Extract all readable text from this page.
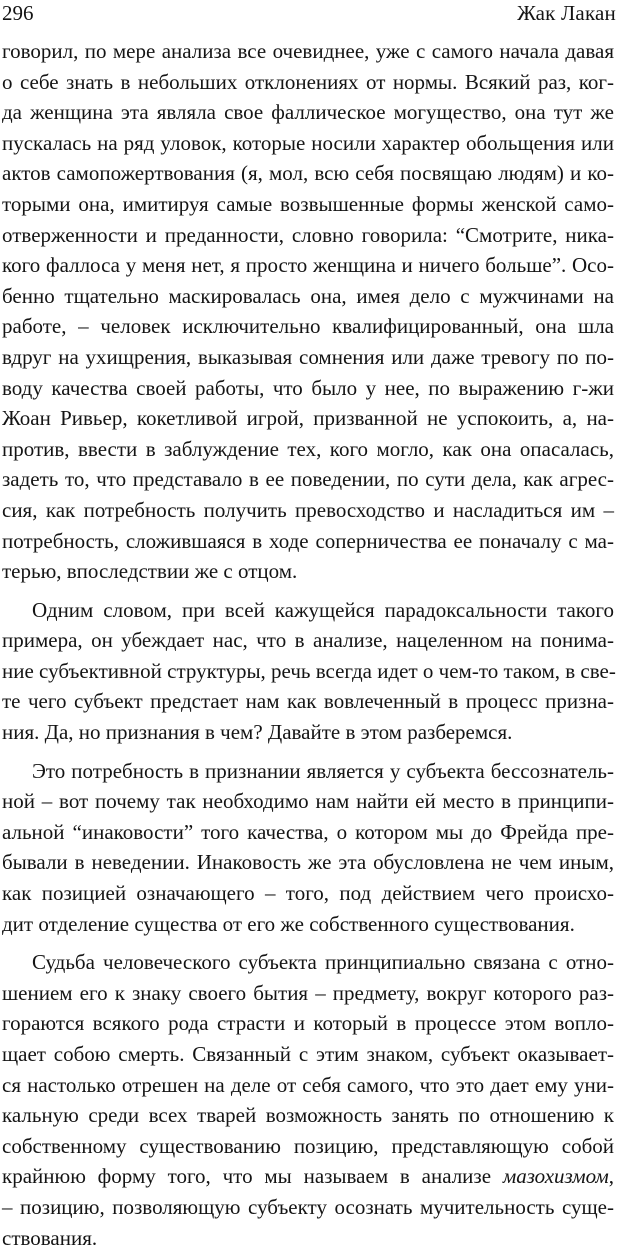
296	Жак Лакан
говорил, по мере анализа все очевиднее, уже с самого начала давая
о себе знать в небольших отклонениях от нормы. Всякий раз, ког-
да женщина эта являла свое фаллическое могущество, она тут же
пускалась на ряд уловок, которые носили характер обольщения или
актов самопожертвования (я, мол, всю себя посвящаю людям) и ко-
торыми она, имитируя самые возвышенные формы женской само-
отверженности и преданности, словно говорила: “Смотрите, ника-
кого фаллоса у меня нет, я просто женщина и ничего больше”. Осо-
бенно тщательно маскировалась она, имея дело с мужчинами на
работе, – человек исключительно квалифицированный, она шла
вдруг на ухищрения, выказывая сомнения или даже тревогу по по-
воду качества своей работы, что было у нее, по выражению г-жи
Жоан Ривьер, кокетливой игрой, призванной не успокоить, а, на-
против, ввести в заблуждение тех, кого могло, как она опасалась,
задеть то, что представало в ее поведении, по сути дела, как агрес-
сия, как потребность получить превосходство и насладиться им –
потребность, сложившаяся в ходе соперничества ее поначалу с ма-
терью, впоследствии же с отцом.
Одним словом, при всей кажущейся парадоксальности такого
примера, он убеждает нас, что в анализе, нацеленном на понима-
ние субъективной структуры, речь всегда идет о чем-то таком, в све-
те чего субъект предстает нам как вовлеченный в процесс призна-
ния. Да, но признания в чем? Давайте в этом разберемся.
Это потребность в признании является у субъекта бессознатель-
ной – вот почему так необходимо нам найти ей место в принципи-
альной “инаковости” того качества, о котором мы до Фрейда пре-
бывали в неведении. Инаковость же эта обусловлена не чем иным,
как позицией означающего – того, под действием чего происхо-
дит отделение существа от его же собственного существования.
Судьба человеческого субъекта принципиально связана с отно-
шением его к знаку своего бытия – предмету, вокруг которого раз-
гораются всякого рода страсти и который в процессе этом вопло-
щает собою смерть. Связанный с этим знаком, субъект оказывает-
ся настолько отрешен на деле от себя самого, что это дает ему уни-
кальную среди всех тварей возможность занять по отношению к
собственному существованию позицию, представляющую собой
крайнюю форму того, что мы называем в анализе мазохизмом,
– позицию, позволяющую субъекту осознать мучительность суще-
ствования.
